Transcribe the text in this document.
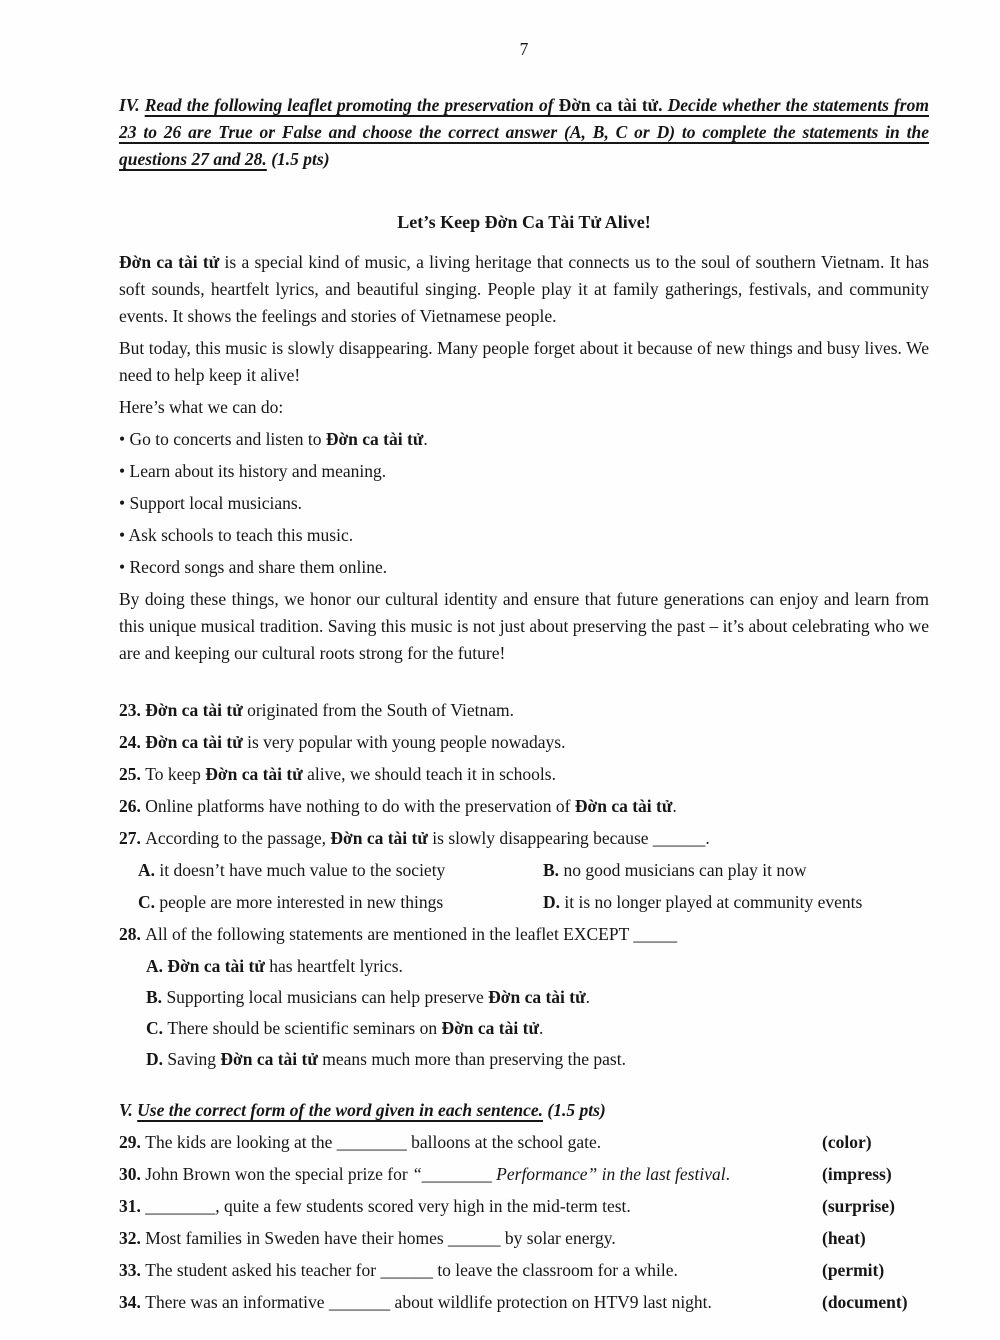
7
IV. Read the following leaflet promoting the preservation of Đờn ca tài tử. Decide whether the statements from 23 to 26 are True or False and choose the correct answer (A, B, C or D) to complete the statements in the questions 27 and 28. (1.5 pts)
Let’s Keep Đờn Ca Tài Tử Alive!

Đờn ca tài tử is a special kind of music, a living heritage that connects us to the soul of southern Vietnam. It has soft sounds, heartfelt lyrics, and beautiful singing. People play it at family gatherings, festivals, and community events. It shows the feelings and stories of Vietnamese people.

But today, this music is slowly disappearing. Many people forget about it because of new things and busy lives. We need to help keep it alive!

Here’s what we can do:

• Go to concerts and listen to Đờn ca tài tử.
• Learn about its history and meaning.
• Support local musicians.
• Ask schools to teach this music.
• Record songs and share them online.

By doing these things, we honor our cultural identity and ensure that future generations can enjoy and learn from this unique musical tradition. Saving this music is not just about preserving the past – it’s about celebrating who we are and keeping our cultural roots strong for the future!

23. Đờn ca tài tử originated from the South of Vietnam.
24. Đờn ca tài tử is very popular with young people nowadays.
25. To keep Đờn ca tài tử alive, we should teach it in schools.
26. Online platforms have nothing to do with the preservation of Đờn ca tài tử.
27. According to the passage, Đờn ca tài tử is slowly disappearing because ______.
A. it doesn’t have much value to the society	B. no good musicians can play it now
C. people are more interested in new things	D. it is no longer played at community events
28. All of the following statements are mentioned in the leaflet EXCEPT _____
A. Đờn ca tài tử has heartfelt lyrics.
B. Supporting local musicians can help preserve Đờn ca tài tử.
C. There should be scientific seminars on Đờn ca tài tử.
D. Saving Đờn ca tài tử means much more than preserving the past.
V. Use the correct form of the word given in each sentence. (1.5 pts)
29. The kids are looking at the ________ balloons at the school gate.	(color)
30. John Brown won the special prize for “________ Performance” in the last festival.	(impress)
31. ________, quite a few students scored very high in the mid-term test.	(surprise)
32. Most families in Sweden have their homes ______ by solar energy.	(heat)
33. The student asked his teacher for ______ to leave the classroom for a while.	(permit)
34. There was an informative _______ about wildlife protection on HTV9 last night.	(document)
